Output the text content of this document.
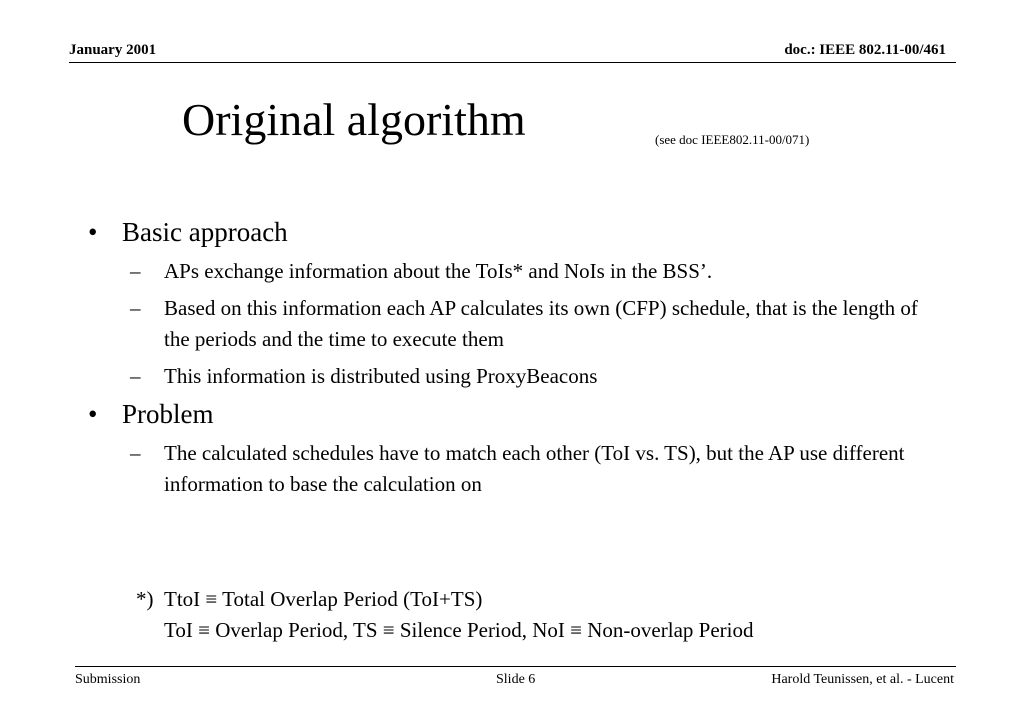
January 2001	doc.: IEEE 802.11-00/461
Original algorithm	(see doc IEEE802.11-00/071)
• Basic approach
– APs exchange information about the ToIs* and NoIs in the BSS’.
– Based on this information each AP calculates its own (CFP) schedule, that is the length of the periods and the time to execute them
– This information is distributed using ProxyBeacons
• Problem
– The calculated schedules have to match each other (ToI vs. TS), but the AP use different information to base the calculation on
*) TtoI ≡ Total Overlap Period (ToI+TS)
ToI ≡ Overlap Period, TS ≡ Silence Period, NoI ≡ Non-overlap Period
Submission	Slide 6	Harold Teunissen, et al. - Lucent
